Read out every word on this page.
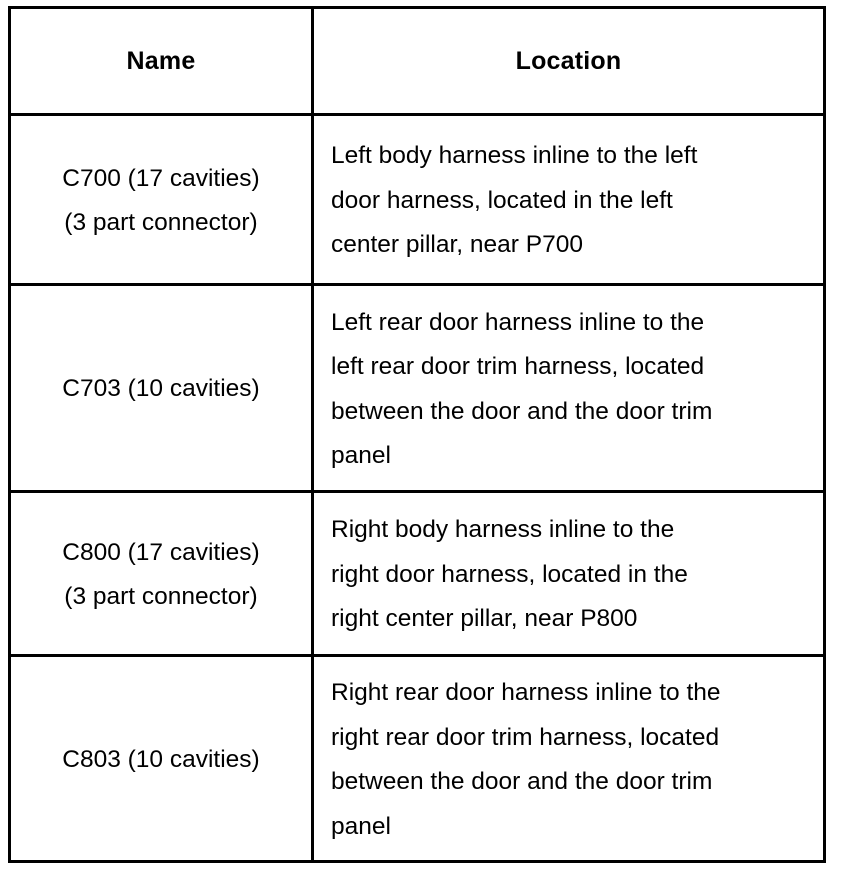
Name	Location
C700 (17 cavities)
(3 part connector)
Left body harness inline to the left
door harness, located in the left
center pillar, near P700
C703 (10 cavities)
Left rear door harness inline to the
left rear door trim harness, located
between the door and the door trim
panel
C800 (17 cavities)
(3 part connector)
Right body harness inline to the
right door harness, located in the
right center pillar, near P800
C803 (10 cavities)
Right rear door harness inline to the
right rear door trim harness, located
between the door and the door trim
panel
